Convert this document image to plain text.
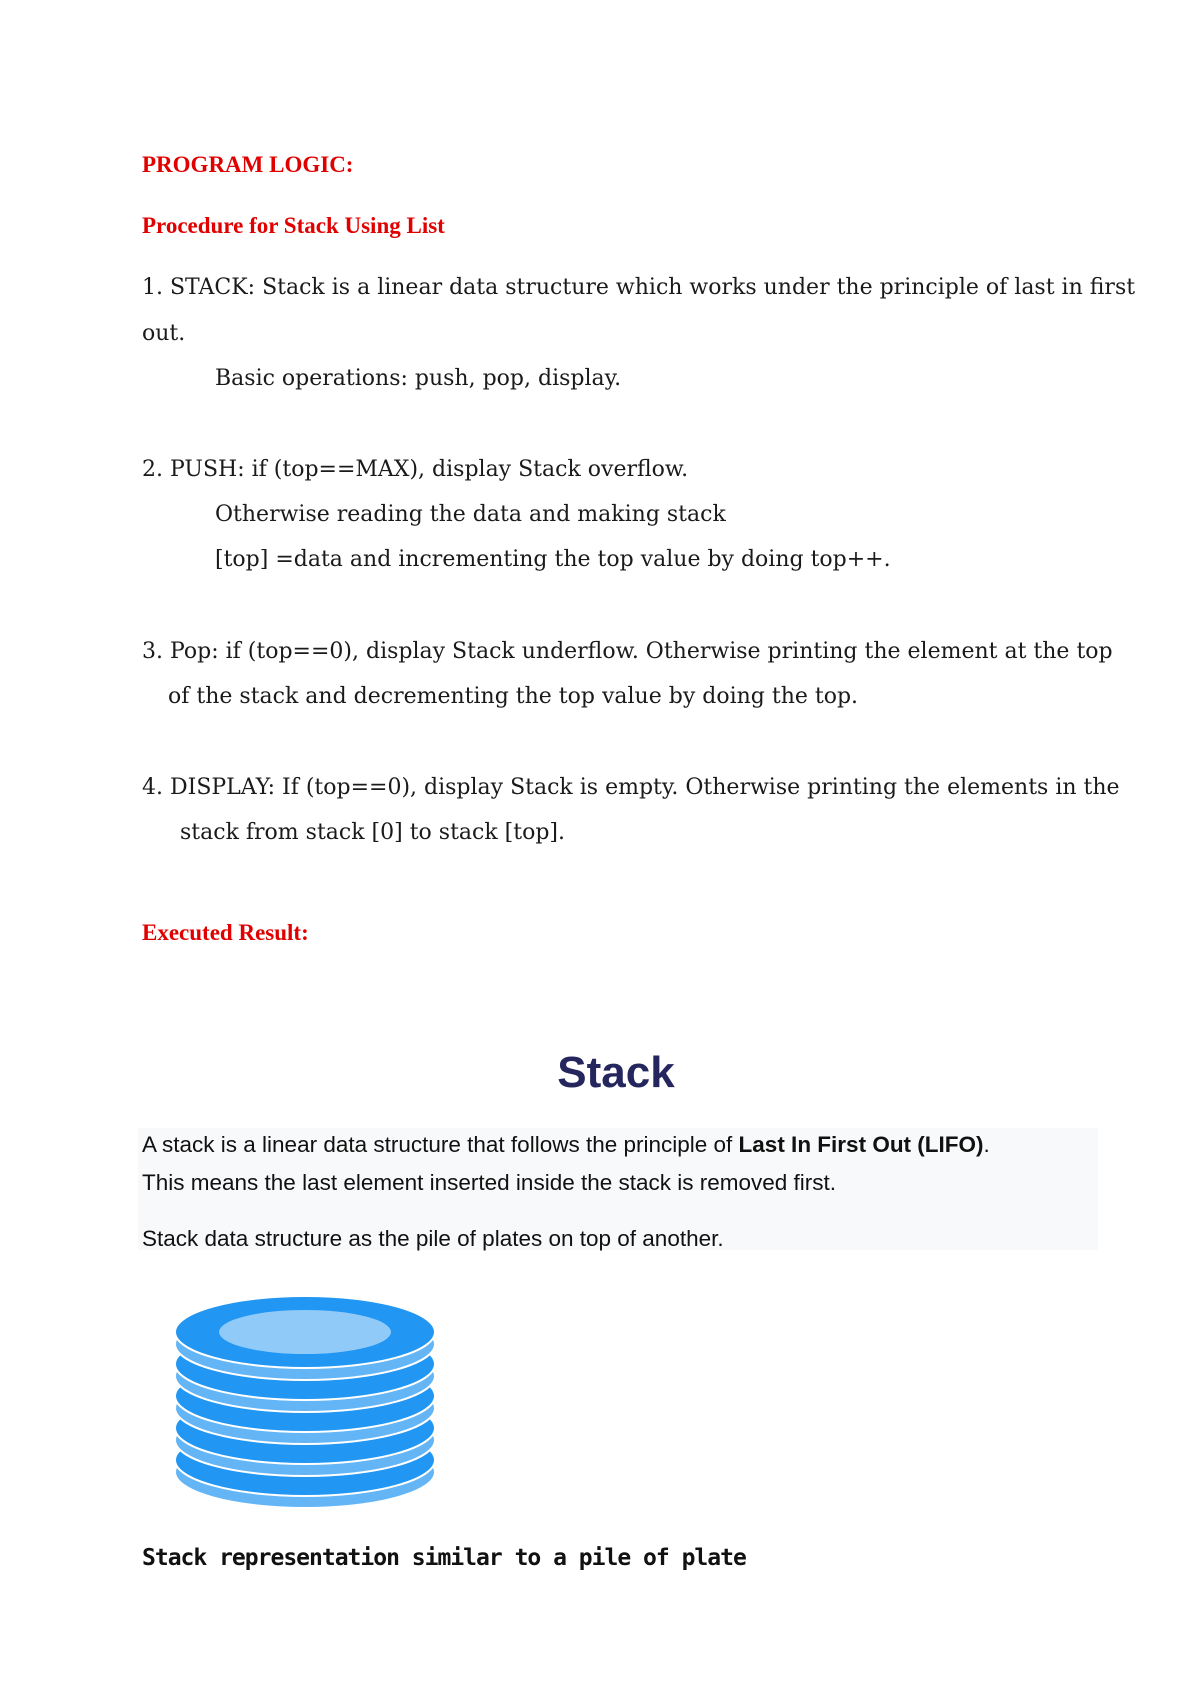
PROGRAM LOGIC:
Procedure for Stack Using List
1. STACK: Stack is a linear data structure which works under the principle of last in first
out.
Basic operations: push, pop, display.
2. PUSH: if (top==MAX), display Stack overflow.
Otherwise reading the data and making stack
[top] =data and incrementing the top value by doing top++.
3. Pop: if (top==0), display Stack underflow. Otherwise printing the element at the top
of the stack and decrementing the top value by doing the top.
4. DISPLAY: If (top==0), display Stack is empty. Otherwise printing the elements in the
stack from stack [0] to stack [top].
Executed Result:
Stack
A stack is a linear data structure that follows the principle of Last In First Out (LIFO).
This means the last element inserted inside the stack is removed first.
Stack data structure as the pile of plates on top of another.
Stack representation similar to a pile of plate
